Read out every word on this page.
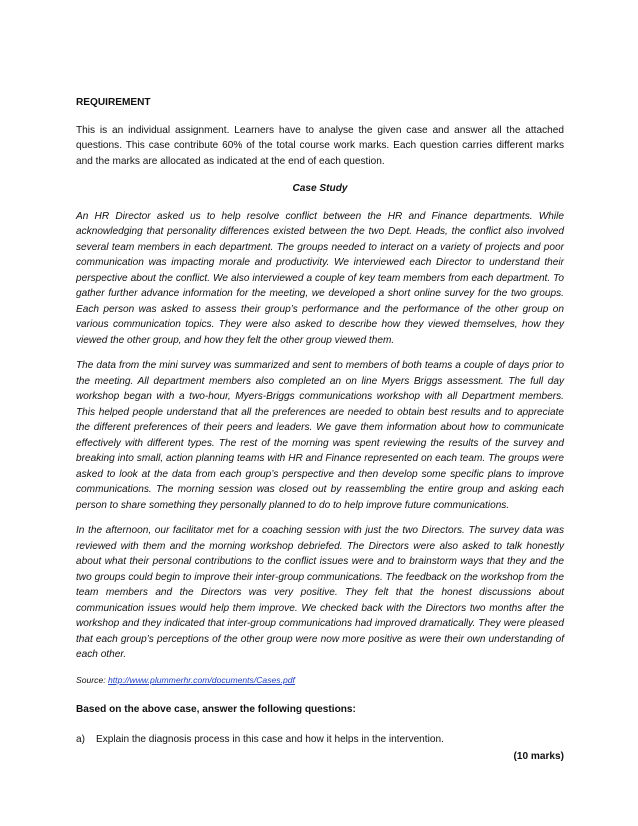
REQUIREMENT

This is an individual assignment. Learners have to analyse the given case and answer all the attached questions. This case contribute 60% of the total course work marks. Each question carries different marks and the marks are allocated as indicated at the end of each question.

Case Study

An HR Director asked us to help resolve conflict between the HR and Finance departments. While acknowledging that personality differences existed between the two Dept. Heads, the conflict also involved several team members in each department. The groups needed to interact on a variety of projects and poor communication was impacting morale and productivity. We interviewed each Director to understand their perspective about the conflict. We also interviewed a couple of key team members from each department. To gather further advance information for the meeting, we developed a short online survey for the two groups. Each person was asked to assess their group’s performance and the performance of the other group on various communication topics. They were also asked to describe how they viewed themselves, how they viewed the other group, and how they felt the other group viewed them.

The data from the mini survey was summarized and sent to members of both teams a couple of days prior to the meeting. All department members also completed an on line Myers Briggs assessment. The full day workshop began with a two-hour, Myers-Briggs communications workshop with all Department members. This helped people understand that all the preferences are needed to obtain best results and to appreciate the different preferences of their peers and leaders. We gave them information about how to communicate effectively with different types. The rest of the morning was spent reviewing the results of the survey and breaking into small, action planning teams with HR and Finance represented on each team. The groups were asked to look at the data from each group’s perspective and then develop some specific plans to improve communications. The morning session was closed out by reassembling the entire group and asking each person to share something they personally planned to do to help improve future communications.

In the afternoon, our facilitator met for a coaching session with just the two Directors. The survey data was reviewed with them and the morning workshop debriefed. The Directors were also asked to talk honestly about what their personal contributions to the conflict issues were and to brainstorm ways that they and the two groups could begin to improve their inter-group communications. The feedback on the workshop from the team members and the Directors was very positive. They felt that the honest discussions about communication issues would help them improve. We checked back with the Directors two months after the workshop and they indicated that inter-group communications had improved dramatically. They were pleased that each group’s perceptions of the other group were now more positive as were their own understanding of each other.

Source: http://www.plummerhr.com/documents/Cases.pdf
Based on the above case, answer the following questions:
a)	Explain the diagnosis process in this case and how it helps in the intervention.
(10 marks)
